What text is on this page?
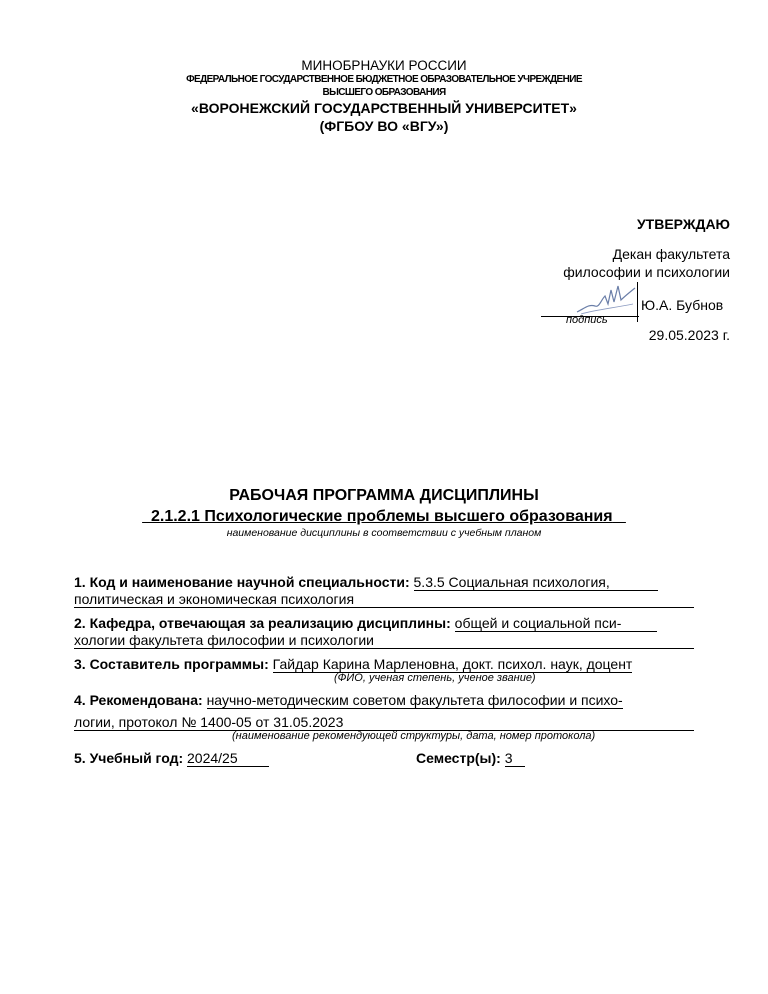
МИНОБРНАУКИ РОССИИ
ФЕДЕРАЛЬНОЕ ГОСУДАРСТВЕННОЕ БЮДЖЕТНОЕ ОБРАЗОВАТЕЛЬНОЕ УЧРЕЖДЕНИЕ
ВЫСШЕГО ОБРАЗОВАНИЯ
«ВОРОНЕЖСКИЙ ГОСУДАРСТВЕННЫЙ УНИВЕРСИТЕТ»
(ФГБОУ ВО «ВГУ»)
УТВЕРЖДАЮ
Декан факультета
философии и психологии
Ю.А. Бубнов
подпись
29.05.2023 г.
РАБОЧАЯ ПРОГРАММА ДИСЦИПЛИНЫ
2.1.2.1 Психологические проблемы высшего образования
наименование дисциплины в соответствии с учебным планом
1. Код и наименование научной специальности: 5.3.5 Социальная психология,
политическая и экономическая психология
2. Кафедра, отвечающая за реализацию дисциплины: общей и социальной пси-
хологии факультета философии и психологии
3. Составитель программы: Гайдар Карина Марленовна, докт. психол. наук, доцент
(ФИО, ученая степень, ученое звание)
4. Рекомендована: научно-методическим советом факультета философии и психо-
логии, протокол № 1400-05 от 31.05.2023
(наименование рекомендующей структуры, дата, номер протокола)
5. Учебный год: 2024/25	Семестр(ы): 3
